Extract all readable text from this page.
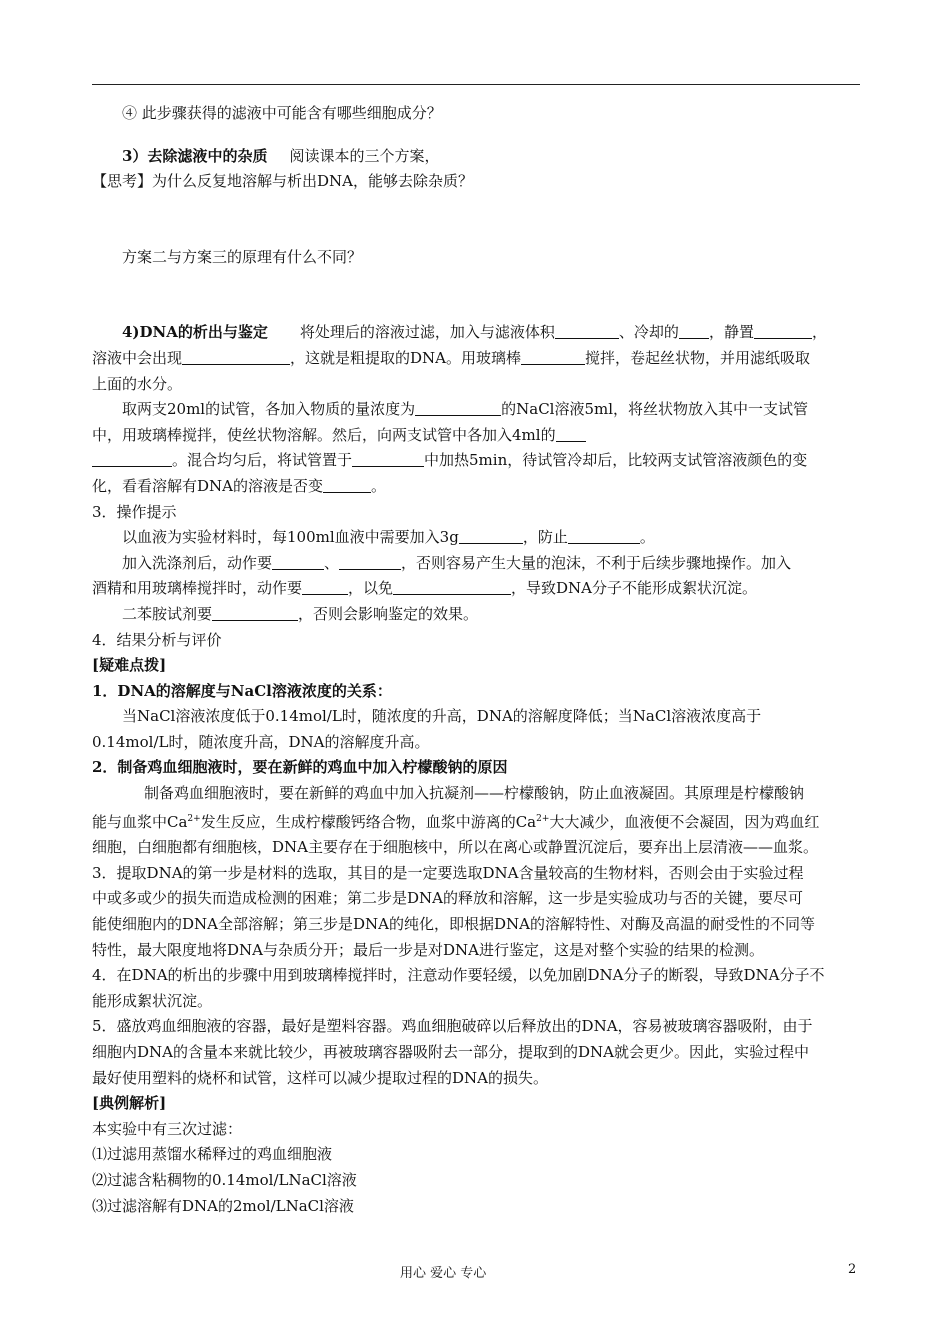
④ 此步骤获得的滤液中可能含有哪些细胞成分？
3）去除滤液中的杂质 阅读课本的三个方案，
【思考】为什么反复地溶解与析出DNA，能够去除杂质？
方案二与方案三的原理有什么不同？
4)DNA的析出与鉴定 将处理后的溶液过滤，加入与滤液体积	、冷却的 ，静置	，
溶液中会出现	，这就是粗提取的DNA。用玻璃棒	搅拌，卷起丝状物，并用滤纸吸取
上面的水分。
取两支20ml的试管，各加入物质的量浓度为	的NaCl溶液5ml，将丝状物放入其中一支试管
中，用玻璃棒搅拌，使丝状物溶解。然后，向两支试管中各加入4ml的
。混合均匀后，将试管置于	中加热5min，待试管冷却后，比较两支试管溶液颜色的变
化，看看溶解有DNA的溶液是否变	。
3．操作提示
以血液为实验材料时，每100ml血液中需要加入3g	，防止	。
加入洗涤剂后，动作要	、	，否则容易产生大量的泡沫，不利于后续步骤地操作。加入
酒精和用玻璃棒搅拌时，动作要	，以免	，导致DNA分子不能形成絮状沉淀。
二苯胺试剂要	，否则会影响鉴定的效果。
4．结果分析与评价
[疑难点拨]
1．DNA的溶解度与NaCl溶液浓度的关系：
当NaCl溶液浓度低于0.14mol/L时，随浓度的升高，DNA的溶解度降低；当NaCl溶液浓度高于
0.14mol/L时，随浓度升高，DNA的溶解度升高。
2．制备鸡血细胞液时，要在新鲜的鸡血中加入柠檬酸钠的原因
制备鸡血细胞液时，要在新鲜的鸡血中加入抗凝剂——柠檬酸钠，防止血液凝固。其原理是柠檬酸钠
能与血浆中$Ca^{2+}$发生反应，生成柠檬酸钙络合物，血浆中游离的$Ca^{2+}$大大减少，血液便不会凝固，因为鸡血红
细胞，白细胞都有细胞核，DNA主要存在于细胞核中，所以在离心或静置沉淀后，要弃出上层清液——血浆。
3．提取DNA的第一步是材料的选取，其目的是一定要选取DNA含量较高的生物材料，否则会由于实验过程
中或多或少的损失而造成检测的困难；第二步是DNA的释放和溶解，这一步是实验成功与否的关键，要尽可
能使细胞内的DNA全部溶解；第三步是DNA的纯化，即根据DNA的溶解特性、对酶及高温的耐受性的不同等
特性，最大限度地将DNA与杂质分开；最后一步是对DNA进行鉴定，这是对整个实验的结果的检测。
4．在DNA的析出的步骤中用到玻璃棒搅拌时，注意动作要轻缓，以免加剧DNA分子的断裂，导致DNA分子不
能形成絮状沉淀。
5．盛放鸡血细胞液的容器，最好是塑料容器。鸡血细胞破碎以后释放出的DNA，容易被玻璃容器吸附，由于
细胞内DNA的含量本来就比较少，再被玻璃容器吸附去一部分，提取到的DNA就会更少。因此，实验过程中
最好使用塑料的烧杯和试管，这样可以减少提取过程的DNA的损失。
[典例解析]
本实验中有三次过滤：
⑴过滤用蒸馏水稀释过的鸡血细胞液
⑵过滤含粘稠物的0.14mol/LNaCl溶液
⑶过滤溶解有DNA的2mol/LNaCl溶液
用心 爱心 专心	2
